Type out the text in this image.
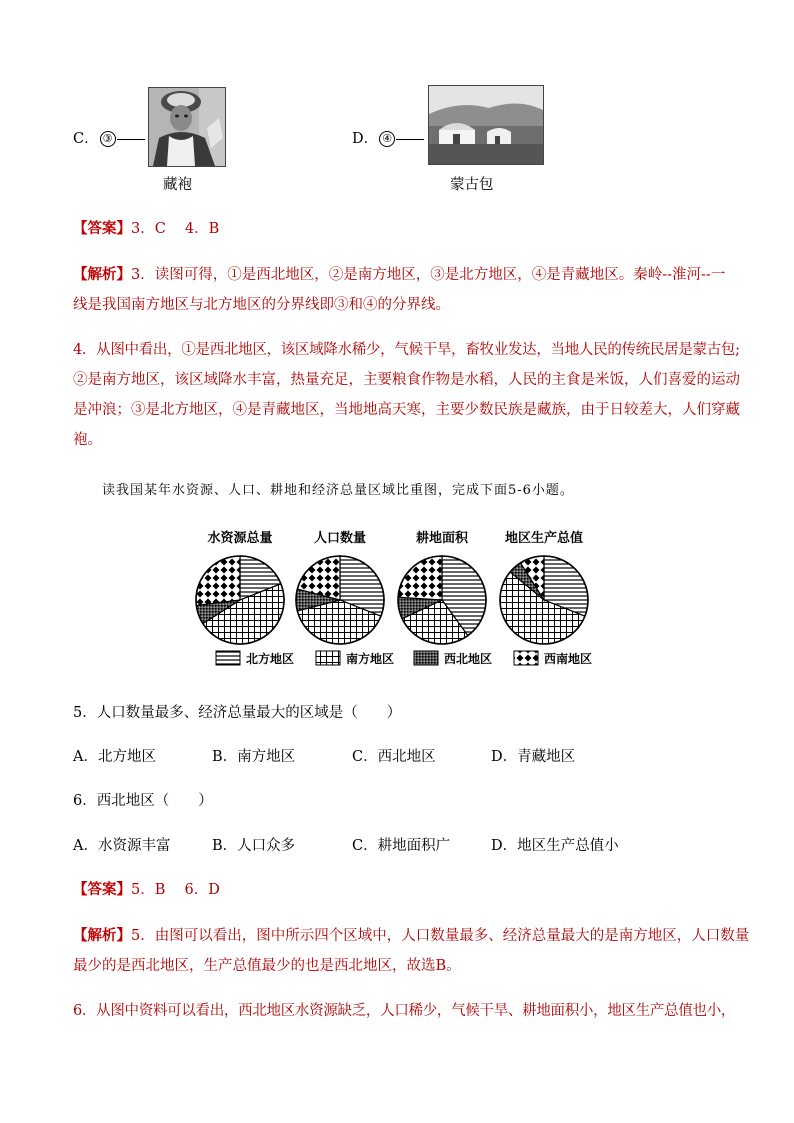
C． ③
藏袍
D． ④
蒙古包
【答案】3．C　 4．B
【解析】3．读图可得，①是西北地区，②是南方地区，③是北方地区，④是青藏地区。秦岭--淮河--一
线是我国南方地区与北方地区的分界线即③和④的分界线。
4．从图中看出，①是西北地区，该区域降水稀少，气候干旱，畜牧业发达，当地人民的传统民居是蒙古包;
②是南方地区，该区域降水丰富，热量充足，主要粮食作物是水稻，人民的主食是米饭，人们喜爱的运动
是冲浪；③是北方地区，④是青藏地区，当地地高天寒，主要少数民族是藏族，由于日较差大，人们穿藏
袍。
读我国某年水资源、人口、耕地和经济总量区域比重图，完成下面5-6小题。
水资源总量	人口数量	耕地面积	地区生产总值
北方地区	南方地区	西北地区	西南地区
5．人口数量最多、经济总量最大的区域是（　　）
A．北方地区	B．南方地区	C．西北地区	D．青藏地区
6．西北地区（　　）
A．水资源丰富	B．人口众多	C．耕地面积广	D．地区生产总值小
【答案】5．B　 6．D
【解析】5．由图可以看出，图中所示四个区域中，人口数量最多、经济总量最大的是南方地区，人口数量
最少的是西北地区，生产总值最少的也是西北地区，故选B。
6．从图中资料可以看出，西北地区水资源缺乏，人口稀少，气候干旱、耕地面积小，地区生产总值也小，
